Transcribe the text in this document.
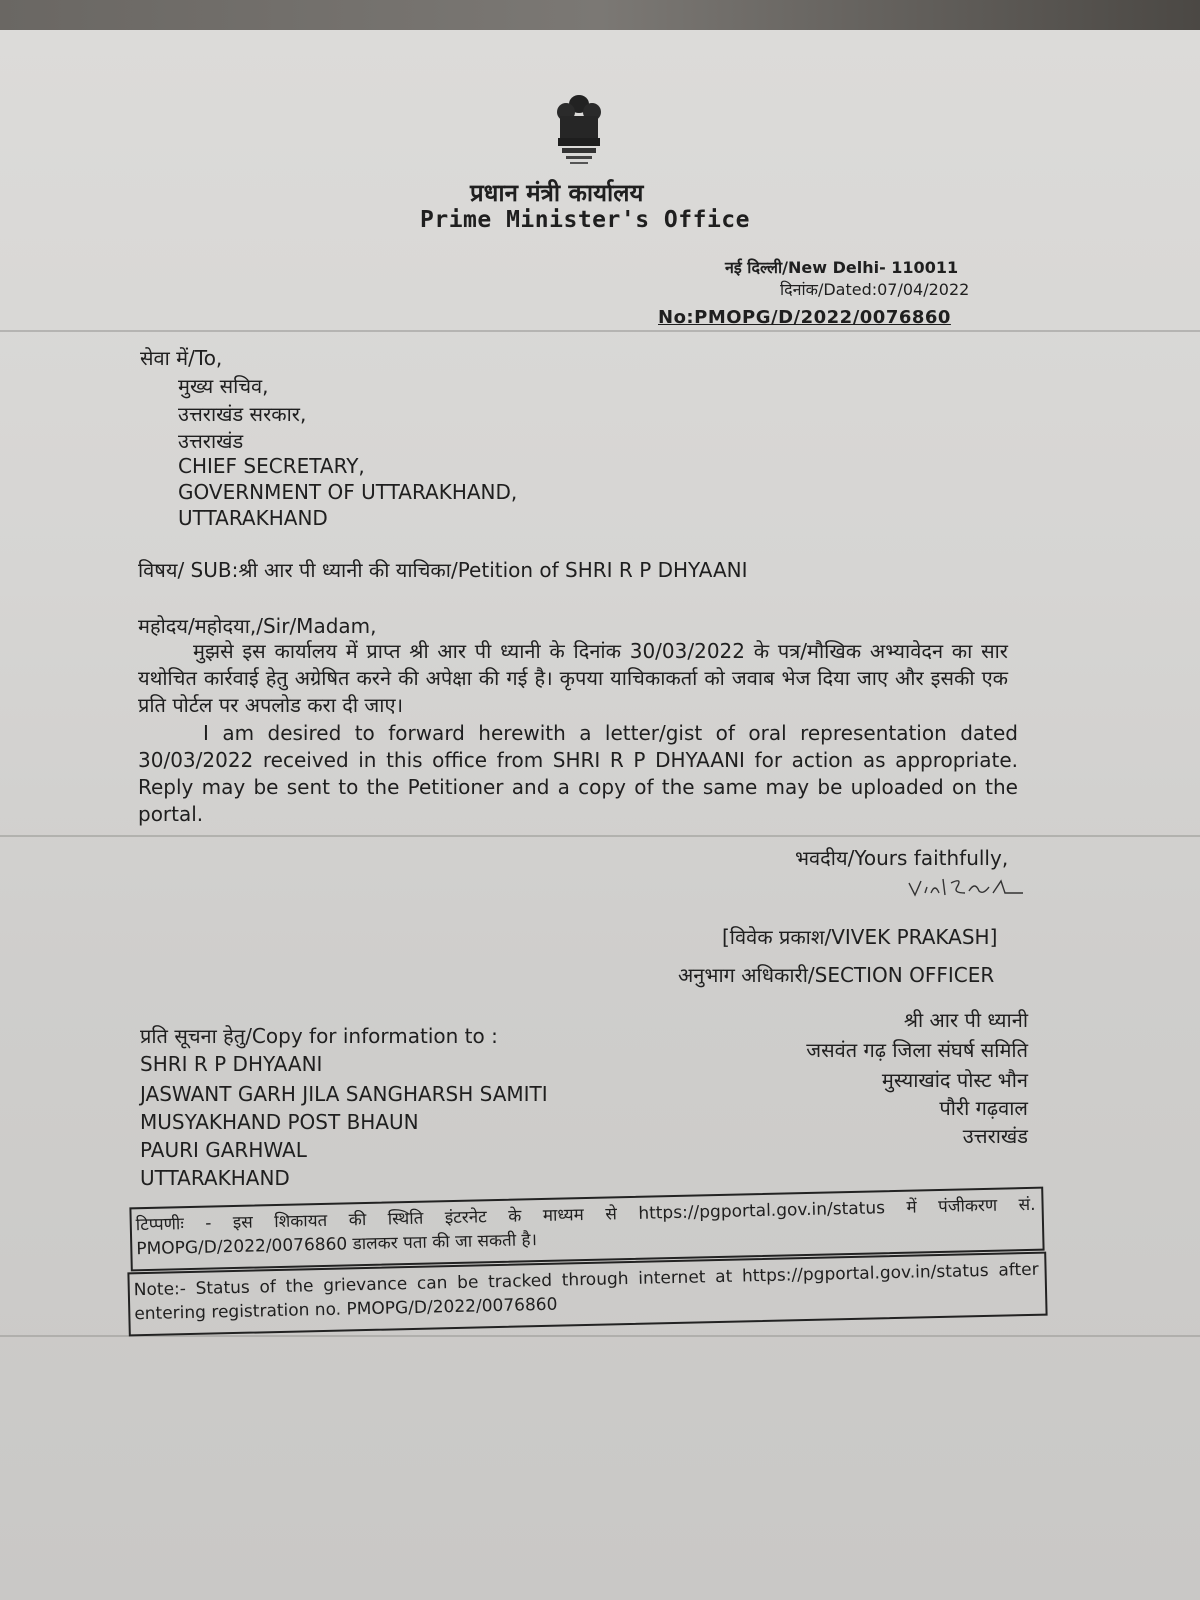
प्रधान मंत्री कार्यालय
Prime Minister's Office
नई दिल्ली/New Delhi- 110011
दिनांक/Dated:07/04/2022
No:PMOPG/D/2022/0076860
सेवा में/To,
मुख्य सचिव,
उत्तराखंड सरकार,
उत्तराखंड
CHIEF SECRETARY,
GOVERNMENT OF UTTARAKHAND,
UTTARAKHAND
विषय/ SUB:श्री आर पी ध्यानी की याचिका/Petition of SHRI R P DHYAANI
महोदय/महोदया,/Sir/Madam,
मुझसे इस कार्यालय में प्राप्त श्री आर पी ध्यानी के दिनांक 30/03/2022 के पत्र/मौखिक अभ्यावेदन का सार यथोचित कार्रवाई हेतु अग्रेषित करने की अपेक्षा की गई है। कृपया याचिकाकर्ता को जवाब भेज दिया जाए और इसकी एक प्रति पोर्टल पर अपलोड करा दी जाए।
I am desired to forward herewith a letter/gist of oral representation dated 30/03/2022 received in this office from SHRI R P DHYAANI for action as appropriate. Reply may be sent to the Petitioner and a copy of the same may be uploaded on the portal.
भवदीय/Yours faithfully,
[विवेक प्रकाश/VIVEK PRAKASH]
अनुभाग अधिकारी/SECTION OFFICER
प्रति सूचना हेतु/Copy for information to :
SHRI R P DHYAANI
JASWANT GARH JILA SANGHARSH SAMITI
MUSYAKHAND POST BHAUN
PAURI GARHWAL
UTTARAKHAND
श्री आर पी ध्यानी
जसवंत गढ़ जिला संघर्ष समिति
मुस्याखांद पोस्ट भौन
पौरी गढ़वाल
उत्तराखंड
टिप्पणीः - इस शिकायत की स्थिति इंटरनेट के माध्यम से https://pgportal.gov.in/status में पंजीकरण सं. PMOPG/D/2022/0076860 डालकर पता की जा सकती है।
Note:- Status of the grievance can be tracked through internet at https://pgportal.gov.in/status after entering registration no. PMOPG/D/2022/0076860
